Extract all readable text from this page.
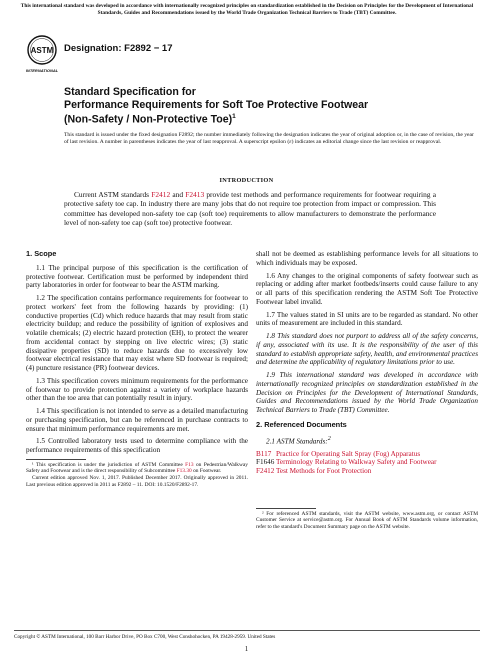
This international standard was developed in accordance with internationally recognized principles on standardization established in the Decision on Principles for the Development of International Standards, Guides and Recommendations issued by the World Trade Organization Technical Barriers to Trade (TBT) Committee.
ASTM
INTERNATIONAL
Designation: F2892 − 17
Standard Specification for
Performance Requirements for Soft Toe Protective Footwear
(Non-Safety / Non-Protective Toe)$^1$
This standard is issued under the fixed designation F2892; the number immediately following the designation indicates the year of original adoption or, in the case of revision, the year of last revision. A number in parentheses indicates the year of last reapproval. A superscript epsilon (ε) indicates an editorial change since the last revision or reapproval.
INTRODUCTION
Current ASTM standards F2412 and F2413 provide test methods and performance requirements for footwear requiring a protective safety toe cap. In industry there are many jobs that do not require toe protection from impact or compression. This committee has developed non-safety toe cap (soft toe) requirements to allow manufacturers to demonstrate the performance level of non-safety toe cap (soft toe) protective footwear.
1. Scope

1.1 The principal purpose of this specification is the certification of protective footwear. Certification must be performed by independent third party laboratories in order for footwear to bear the ASTM marking.

1.2 The specification contains performance requirements for footwear to protect workers' feet from the following hazards by providing: (1) conductive properties (Cd) which reduce hazards that may result from static electricity buildup; and reduce the possibility of ignition of explosives and volatile chemicals; (2) electric hazard protection (EH), to protect the wearer from accidental contact by stepping on live electric wires; (3) static dissipative properties (SD) to reduce hazards due to excessively low footwear electrical resistance that may exist where SD footwear is required; (4) puncture resistance (PR) footwear devices.

1.3 This specification covers minimum requirements for the performance of footwear to provide protection against a variety of workplace hazards other than the toe area that can potentially result in injury.

1.4 This specification is not intended to serve as a detailed manufacturing or purchasing specification, but can be referenced in purchase contracts to ensure that minimum performance requirements are met.

1.5 Controlled laboratory tests used to determine compliance with the performance requirements of this specification

¹ This specification is under the jurisdiction of ASTM Committee F13 on Pedestrian/Walkway Safety and Footwear and is the direct responsibility of Subcommittee F13.30 on Footwear.
Current edition approved Nov. 1, 2017. Published December 2017. Originally approved in 2011. Last previous edition approved in 2011 as F2892 – 11. DOI: 10.1520/F2892-17.

shall not be deemed as establishing performance levels for all situations to which individuals may be exposed.

1.6 Any changes to the original components of safety footwear such as replacing or adding after market footbeds/inserts could cause failure to any or all parts of this specification rendering the ASTM Soft Toe Protective Footwear label invalid.

1.7 The values stated in SI units are to be regarded as standard. No other units of measurement are included in this standard.

1.8 This standard does not purport to address all of the safety concerns, if any, associated with its use. It is the responsibility of the user of this standard to establish appropriate safety, health, and environmental practices and determine the applicability of regulatory limitations prior to use.

1.9 This international standard was developed in accordance with internationally recognized principles on standardization established in the Decision on Principles for the Development of International Standards, Guides and Recommendations issued by the World Trade Organization Technical Barriers to Trade (TBT) Committee.

2. Referenced Documents

2.1 ASTM Standards:$^2$

B117 Practice for Operating Salt Spray (Fog) Apparatus
F1646 Terminology Relating to Walkway Safety and Footwear
F2412 Test Methods for Foot Protection
² For referenced ASTM standards, visit the ASTM website, www.astm.org, or contact ASTM Customer Service at service@astm.org. For Annual Book of ASTM Standards volume information, refer to the standard's Document Summary page on the ASTM website.
Copyright © ASTM International, 100 Barr Harbor Drive, PO Box C700, West Conshohocken, PA 19428-2959. United States
1
